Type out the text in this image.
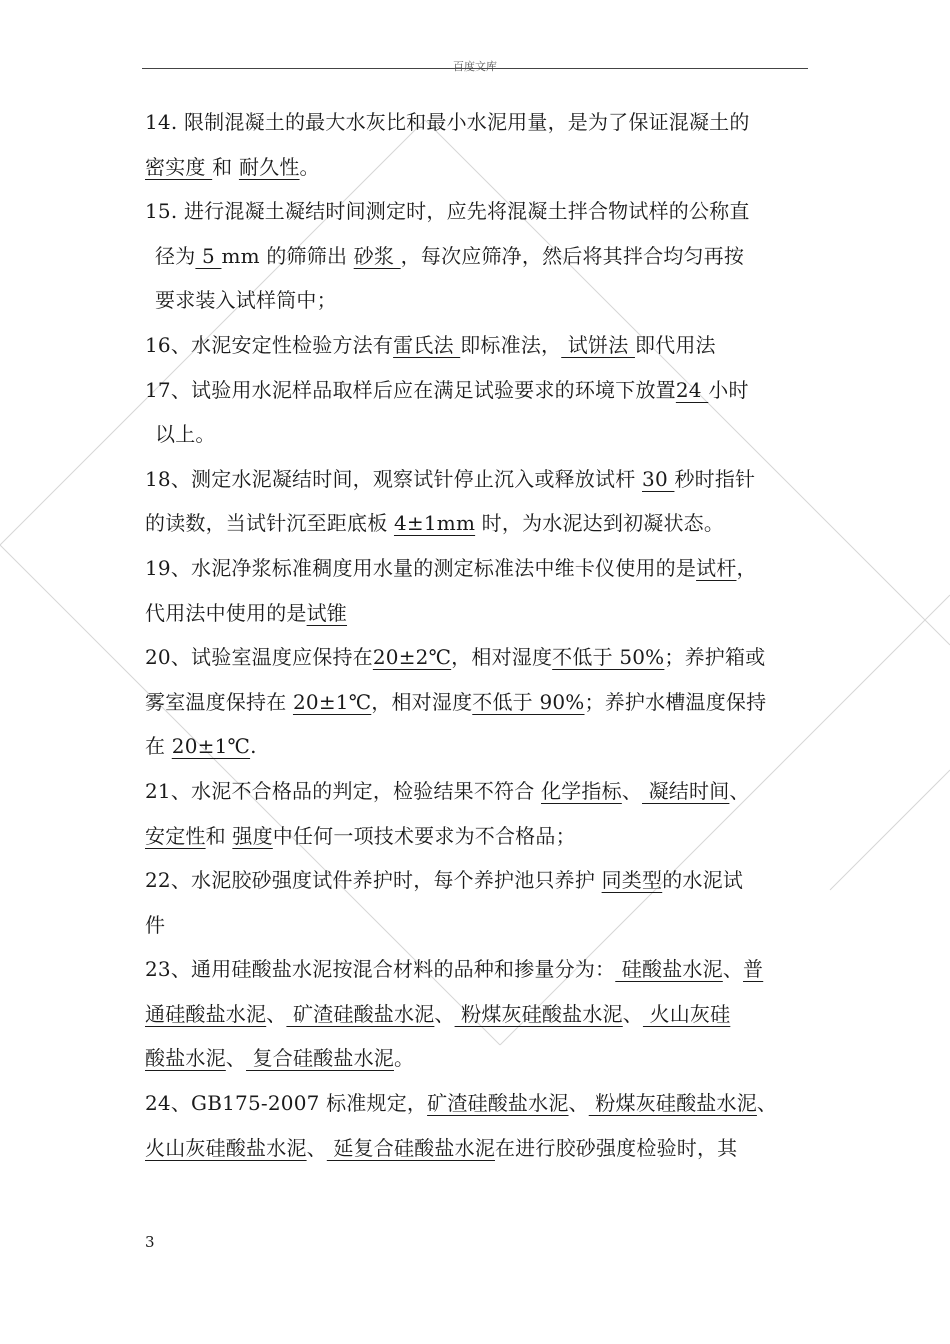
百度文库
14. 限制混凝土的最大水灰比和最小水泥用量，是为了保证混凝土的
密实度 和 耐久性。
15. 进行混凝土凝结时间测定时，应先将混凝土拌合物试样的公称直
径为 5 mm 的筛筛出 砂浆 ，每次应筛净，然后将其拌合均匀再按
要求装入试样筒中；
16、水泥安定性检验方法有雷氏法 即标准法， 试饼法 即代用法
17、试验用水泥样品取样后应在满足试验要求的环境下放置24 小时
以上。
18、测定水泥凝结时间，观察试针停止沉入或释放试杆 30 秒时指针
的读数，当试针沉至距底板 4±1mm 时，为水泥达到初凝状态。
19、水泥净浆标准稠度用水量的测定标准法中维卡仪使用的是试杆，
代用法中使用的是试锥
20、试验室温度应保持在20±2℃，相对湿度不低于 50%；养护箱或
雾室温度保持在 20±1℃，相对湿度不低于 90%；养护水槽温度保持
在 20±1℃.
21、水泥不合格品的判定，检验结果不符合 化学指标、 凝结时间、
安定性和 强度中任何一项技术要求为不合格品；
22、水泥胶砂强度试件养护时，每个养护池只养护 同类型的水泥试
件
23、通用硅酸盐水泥按混合材料的品种和掺量分为： 硅酸盐水泥、普
通硅酸盐水泥、 矿渣硅酸盐水泥、 粉煤灰硅酸盐水泥、 火山灰硅
酸盐水泥、 复合硅酸盐水泥。
24、GB175-2007 标准规定，矿渣硅酸盐水泥、 粉煤灰硅酸盐水泥、
火山灰硅酸盐水泥、 延复合硅酸盐水泥在进行胶砂强度检验时，其
3
